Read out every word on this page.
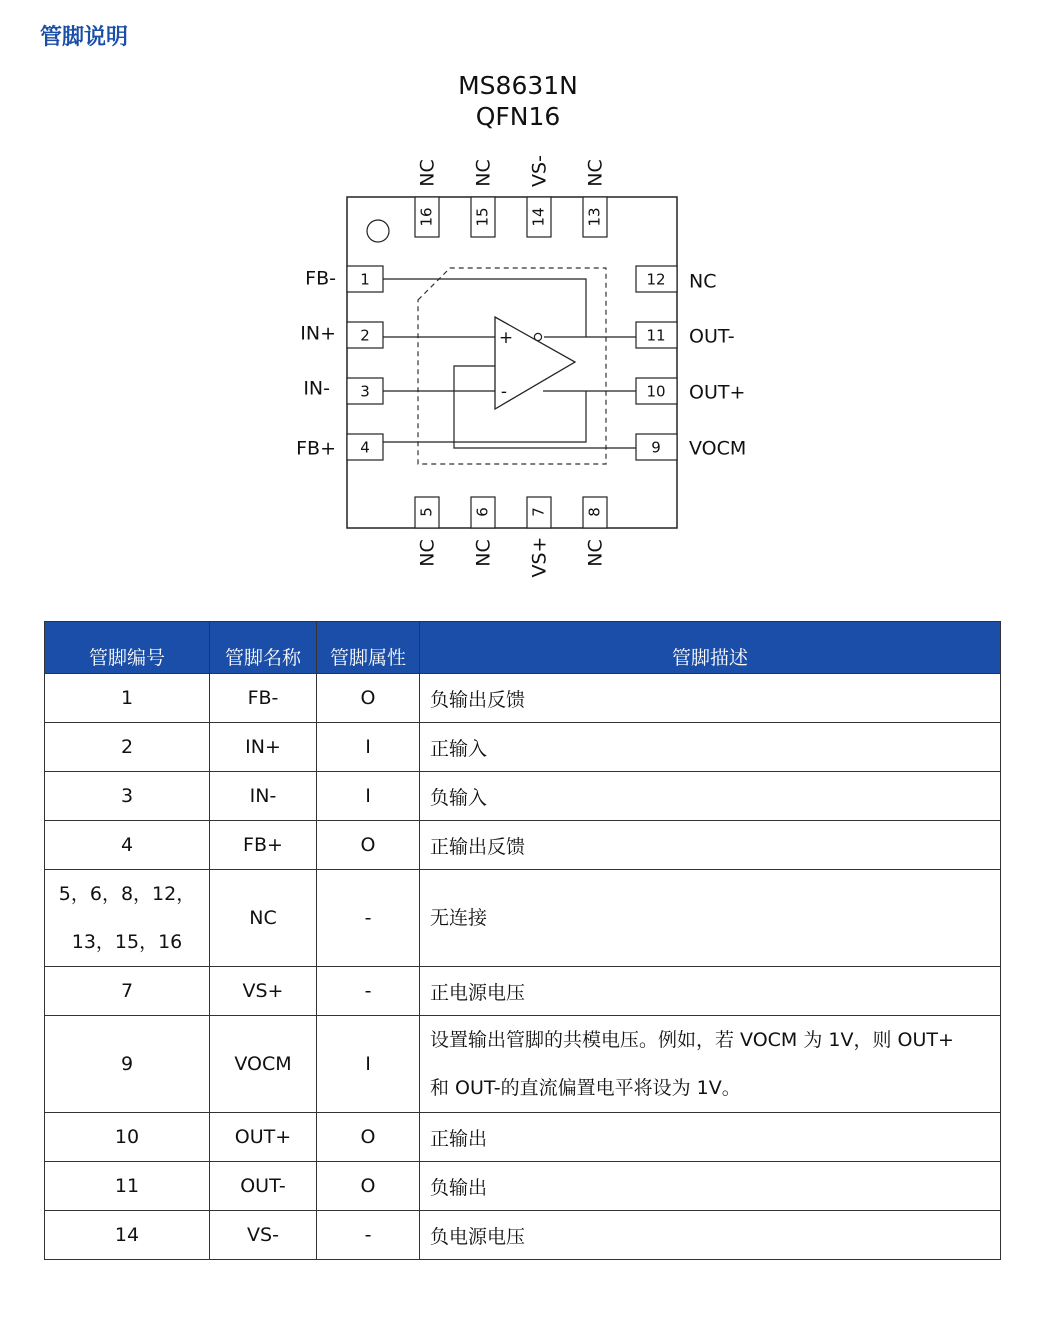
管脚说明
MS8631N
QFN16
16
NC
15
NC
14
VS-
13
NC
5
NC
6
NC
7
VS+
8
NC
1
FB-
2
IN+
3
IN-
4
FB+
12 NC
11 OUT-
10 OUT+
9 VOCM
+
-
管脚编号	管脚名称	管脚属性	管脚描述
1	FB-	O	负输出反馈
2	IN+	I	正输入
3	IN-	I	负输入
4	FB+	O	正输出反馈

5，6，8，12，
13，15，16	NC	-	无连接
7	VS+	-	正电源电压
9	VOCM	I	设置输出管脚的共模电压。例如，若 VOCM 为 1V，则 OUT+
和 OUT-的直流偏置电平将设为 1V。

10	OUT+	O	正输出
11	OUT-	O	负输出
14	VS-	-	负电源电压
